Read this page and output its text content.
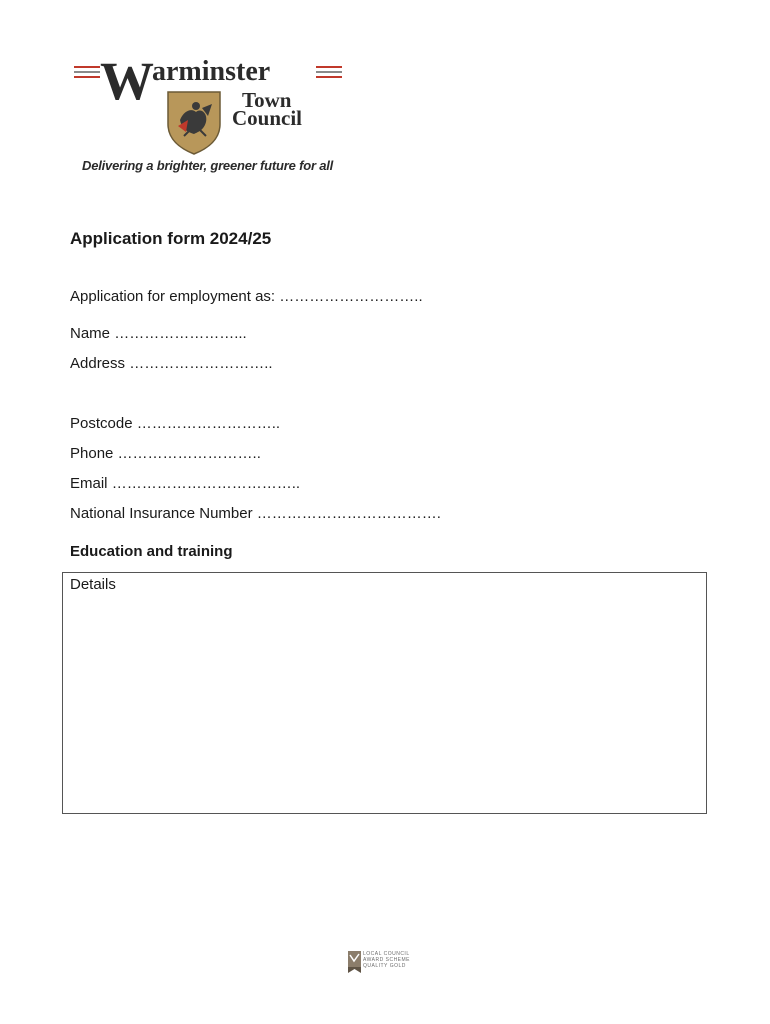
W arminster
Town
Council
Delivering a brighter, greener future for all
Application form 2024/25
Application for employment as: ………………………..
Name ……………………...
Address ………………………..
Postcode ………………………..
Phone ………………………..
Email ………………………………..
National Insurance Number ……………………………….
Education and training
Details
LOCAL COUNCIL
AWARD SCHEME
QUALITY GOLD
